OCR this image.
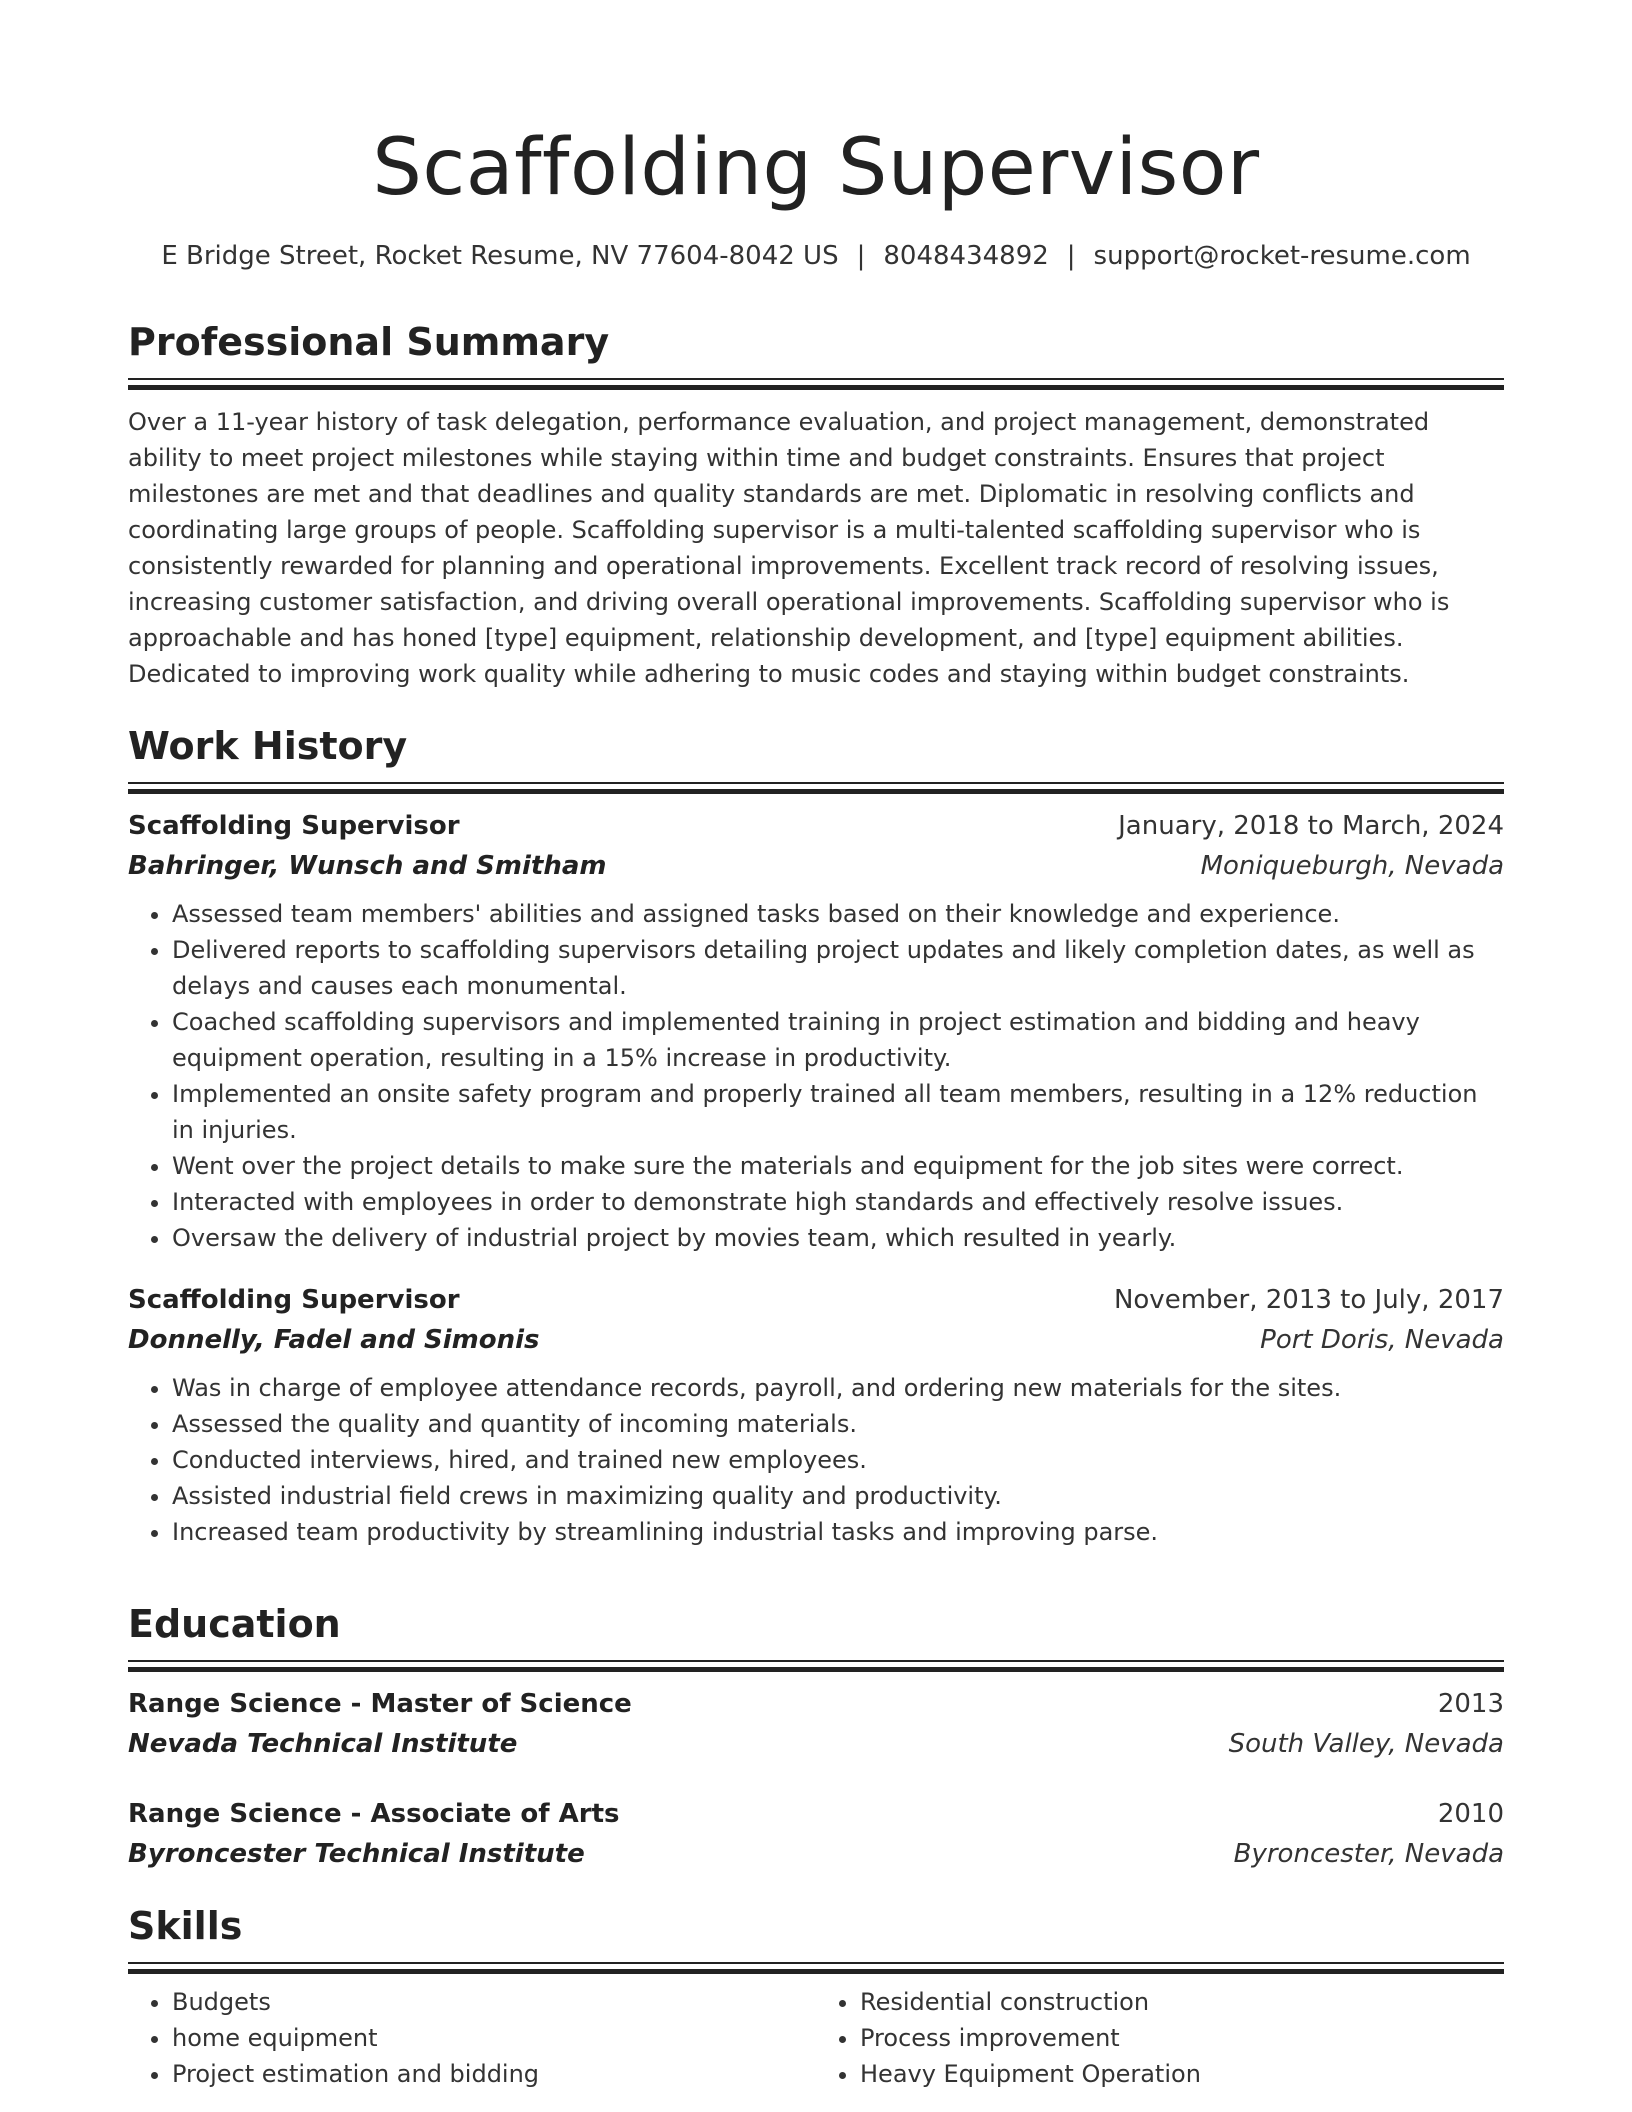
Scaffolding Supervisor
E Bridge Street, Rocket Resume, NV 77604-8042 US | 8048434892 | support@rocket-resume.com
Professional Summary
Over a 11-year history of task delegation, performance evaluation, and project management, demonstrated ability to meet project milestones while staying within time and budget constraints. Ensures that project milestones are met and that deadlines and quality standards are met. Diplomatic in resolving conflicts and coordinating large groups of people. Scaffolding supervisor is a multi-talented scaffolding supervisor who is consistently rewarded for planning and operational improvements. Excellent track record of resolving issues, increasing customer satisfaction, and driving overall operational improvements. Scaffolding supervisor who is approachable and has honed [type] equipment, relationship development, and [type] equipment abilities. Dedicated to improving work quality while adhering to music codes and staying within budget constraints.
Work History
Scaffolding Supervisor	January, 2018 to March, 2024
Bahringer, Wunsch and Smitham	Moniqueburgh, Nevada
• Assessed team members' abilities and assigned tasks based on their knowledge and experience.
• Delivered reports to scaffolding supervisors detailing project updates and likely completion dates, as well as delays and causes each monumental.
• Coached scaffolding supervisors and implemented training in project estimation and bidding and heavy equipment operation, resulting in a 15% increase in productivity.
• Implemented an onsite safety program and properly trained all team members, resulting in a 12% reduction in injuries.
• Went over the project details to make sure the materials and equipment for the job sites were correct.
• Interacted with employees in order to demonstrate high standards and effectively resolve issues.
• Oversaw the delivery of industrial project by movies team, which resulted in yearly.
Scaffolding Supervisor	November, 2013 to July, 2017
Donnelly, Fadel and Simonis	Port Doris, Nevada
• Was in charge of employee attendance records, payroll, and ordering new materials for the sites.
• Assessed the quality and quantity of incoming materials.
• Conducted interviews, hired, and trained new employees.
• Assisted industrial field crews in maximizing quality and productivity.
• Increased team productivity by streamlining industrial tasks and improving parse.
Education
Range Science - Master of Science	2013
Nevada Technical Institute	South Valley, Nevada
Range Science - Associate of Arts	2010
Byroncester Technical Institute	Byroncester, Nevada
Skills
• Budgets
• home equipment
• Project estimation and bidding
• Residential construction
• Process improvement
• Heavy Equipment Operation
